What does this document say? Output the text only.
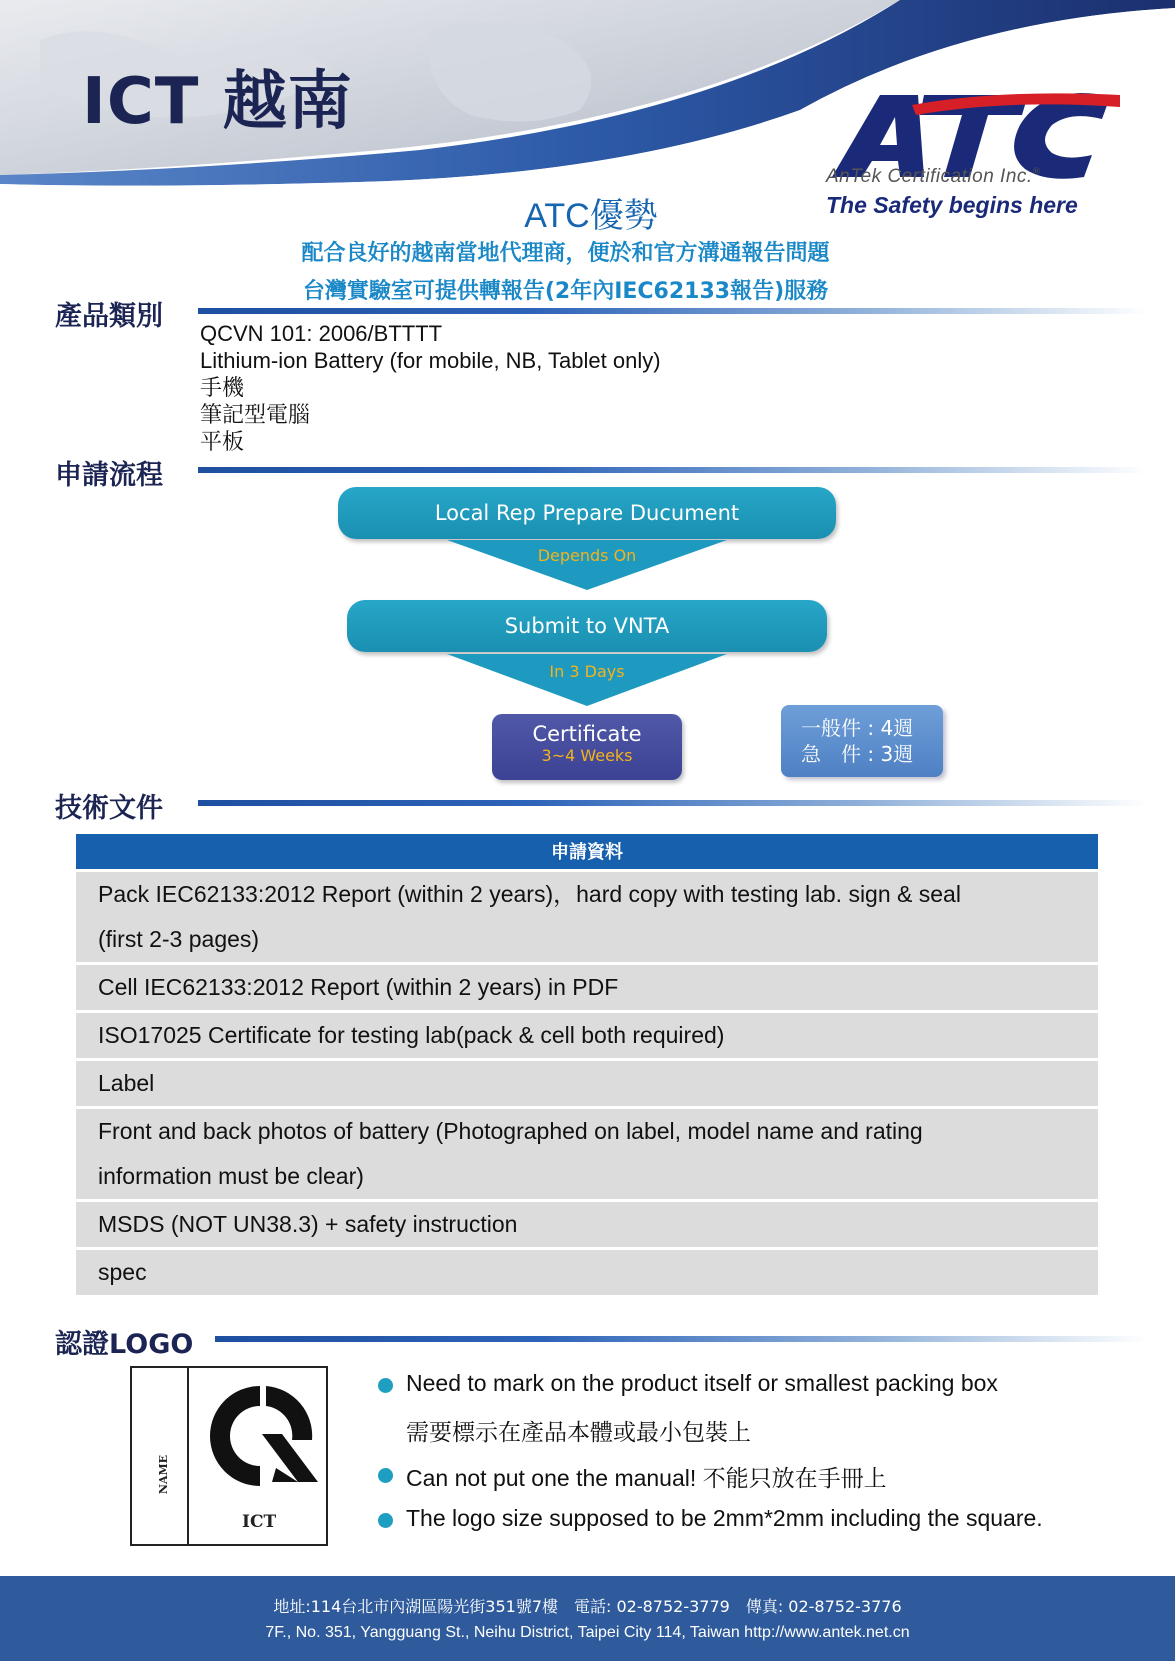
ICT 越南
AnTek Certification Inc.®
The Safety begins here
ATC優勢
配合良好的越南當地代理商，便於和官方溝通報告問題
台灣實驗室可提供轉報告(2年內IEC62133報告)服務
產品類別
QCVN 101: 2006/BTTTT
Lithium-ion Battery (for mobile, NB, Tablet only)
手機
筆記型電腦
平板
申請流程
Local Rep Prepare Ducument
Depends On
Submit to VNTA
In 3 Days
Certificate
3~4 Weeks
一般件 : 4週
急　件 : 3週
技術文件
申請資料
Pack IEC62133:2012 Report (within 2 years)，hard copy with testing lab. sign & seal
(first 2-3 pages)
Cell IEC62133:2012 Report (within 2 years) in PDF
ISO17025 Certificate for testing lab(pack & cell both required)
Label
Front and back photos of battery (Photographed on label, model name and rating
information must be clear)
MSDS (NOT UN38.3) + safety instruction
spec
認證LOGO
NAME
ICT
Need to mark on the product itself or smallest packing box
需要標示在產品本體或最小包裝上
Can not put one the manual! 不能只放在手冊上
The logo size supposed to be 2mm*2mm including the square.
地址:114台北市內湖區陽光街351號7樓　電話: 02-8752-3779　傳真: 02-8752-3776
7F., No. 351, Yangguang St., Neihu District, Taipei City 114, Taiwan http://www.antek.net.cn
